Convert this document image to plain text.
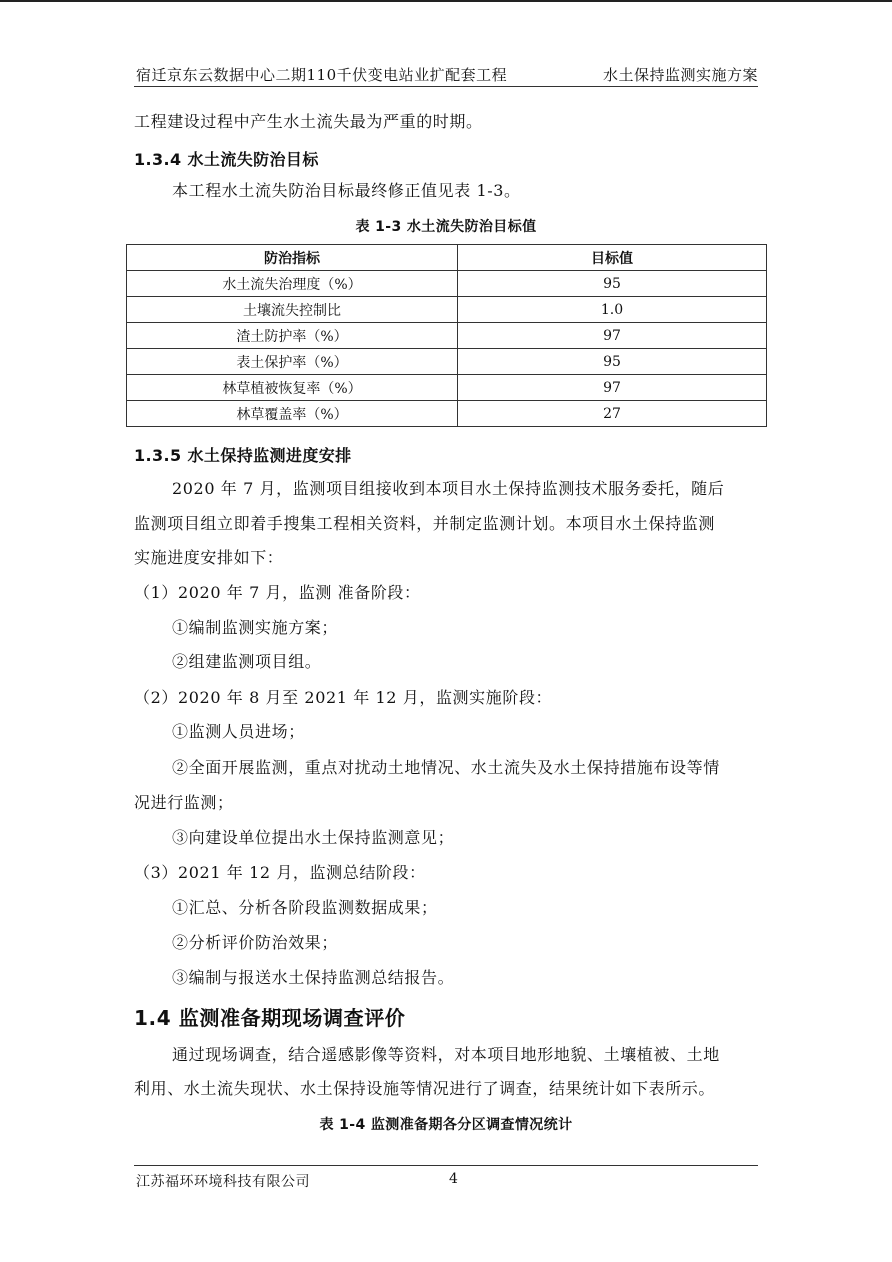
宿迁京东云数据中心二期110千伏变电站业扩配套工程	水土保持监测实施方案
工程建设过程中产生水土流失最为严重的时期。
1.3.4 水土流失防治目标
本工程水土流失防治目标最终修正值见表 1-3。
表 1-3 水土流失防治目标值
防治指标	目标值
水土流失治理度（%）	95
土壤流失控制比	1.0
渣土防护率（%）	97
表土保护率（%）	95
林草植被恢复率（%）	97
林草覆盖率（%）	27
1.3.5 水土保持监测进度安排
2020 年 7 月，监测项目组接收到本项目水土保持监测技术服务委托，随后
监测项目组立即着手搜集工程相关资料，并制定监测计划。本项目水土保持监测
实施进度安排如下：
（1）2020 年 7 月，监测 准备阶段：
①编制监测实施方案；
②组建监测项目组。
（2）2020 年 8 月至 2021 年 12 月，监测实施阶段：
①监测人员进场；
②全面开展监测，重点对扰动土地情况、水土流失及水土保持措施布设等情
况进行监测；
③向建设单位提出水土保持监测意见；
（3）2021 年 12 月，监测总结阶段：
①汇总、分析各阶段监测数据成果；
②分析评价防治效果；
③编制与报送水土保持监测总结报告。
1.4 监测准备期现场调查评价
通过现场调查，结合遥感影像等资料，对本项目地形地貌、土壤植被、土地
利用、水土流失现状、水土保持设施等情况进行了调查，结果统计如下表所示。
表 1-4 监测准备期各分区调查情况统计
江苏福环环境科技有限公司	4
